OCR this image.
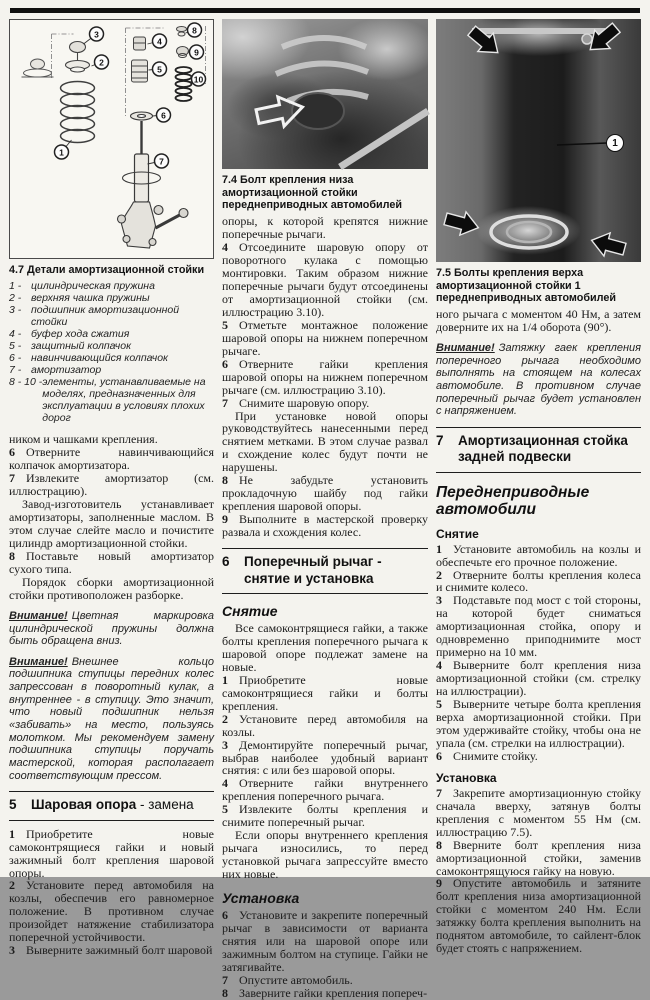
1
2
3
4
5
6
7
8
9
10
4.7 Детали амортизационной стойки
1 - цилиндрическая пружина
2 - верхняя чашка пружины
3 - подшипник амортизационной стойки
4 - буфер хода сжатия
5 - защитный колпачок
6 - навинчивающийся колпачок
7 - амортизатор
8 - 10 - элементы, устанавливаемые на моделях, предназначенных для эксплуатации в условиях плохих дорог

ником и чашками крепления.

6 Отверните навинчивающийся колпачок амортизатора.

7 Извлеките амортизатор (см. иллюстрацию).

Завод-изготовитель устанавливает амортизаторы, заполненные маслом. В этом случае слейте масло и почистите цилиндр амортизационной стойки.

8 Поставьте новый амортизатор сухого типа.

Порядок сборки амортизационной стойки противоположен разборке.

Внимание! Цветная маркировка цилиндрической пружины должна быть обращена вниз.

Внимание! Внешнее кольцо подшипника ступицы передних колес запрессован в поворотный кулак, а внутреннее - в ступицу. Это значит, что новый подшипник нельзя «забивать» на место, пользуясь молотком. Мы рекомендуем замену подшипника ступицы поручать мастерской, которая располагает соответствующим прессом.

5	Шаровая опора - замена

1 Приобретите новые самоконтрящиеся гайки и новый зажимный болт крепления шаровой опоры.

2 Установите перед автомобиля на козлы, обеспечив его равномерное положение. В противном случае произойдет натяжение стабилизатора поперечной устойчивости.

3 Выверните зажимный болт шаровой

7.4 Болт крепления низа амортизационной стойки переднеприводных автомобилей

опоры, к которой крепятся нижние поперечные рычаги.

4 Отсоедините шаровую опору от поворотного кулака с помощью монтировки. Таким образом нижние поперечные рычаги будут отсоединены от амортизационной стойки (см. иллюстрацию 3.10).

5 Отметьте монтажное положение шаровой опоры на нижнем поперечном рычаге.

6 Отверните гайки крепления шаровой опоры на нижнем поперечном рычаге (см. иллюстрацию 3.10).

7 Снимите шаровую опору.

При установке новой опоры руководствуйтесь нанесенными перед снятием метками. В этом случае развал и схождение колес будут почти не нарушены.

8 Не забудьте установить прокладочную шайбу под гайки крепления шаровой опоры.

9 Выполните в мастерской проверку развала и схождения колес.

6	Поперечный рычаг - снятие и установка
Снятие

Все самоконтрящиеся гайки, а также болты крепления поперечного рычага к шаровой опоре подлежат замене на новые.

1 Приобретите новые самоконтрящиеся гайки и болты крепления.

2 Установите перед автомобиля на козлы.

3 Демонтируйте поперечный рычаг, выбрав наиболее удобный вариант снятия: с или без шаровой опоры.

4 Отверните гайки внутреннего крепления поперечного рычага.

5 Извлеките болты крепления и снимите поперечный рычаг.

Если опоры внутреннего крепления рычага износились, то перед установкой рычага запрессуйте вместо них новые.

Установка

6 Установите и закрепите поперечный рычаг в зависимости от варианта снятия или на шаровой опоре или зажимным болтом на ступице. Гайки не затягивайте.

7 Опустите автомобиль.

8 Заверните гайки крепления попереч-

1
7.5 Болты крепления верха амортизационной стойки 1 переднеприводных автомобилей

ного рычага с моментом 40 Нм, а затем доверните их на 1/4 оборота (90°).

Внимание! Затяжку гаек крепления поперечного рычага необходимо выполнять на стоящем на колесах автомобиле. В противном случае поперечный рычаг будет установлен с напряжением.

7	Амортизационная стойка задней подвески
Переднеприводные автомобили
Снятие

1 Установите автомобиль на козлы и обеспечьте его прочное положение.

2 Отверните болты крепления колеса и снимите колесо.

3 Подставьте под мост с той стороны, на которой будет сниматься амортизационная стойка, опору и одновременно приподнимите мост примерно на 10 мм.

4 Выверните болт крепления низа амортизационной стойки (см. стрелку на иллюстрации).

5 Выверните четыре болта крепления верха амортизационной стойки. При этом удерживайте стойку, чтобы она не упала (см. стрелки на иллюстрации).

6 Снимите стойку.

Установка

7 Закрепите амортизационную стойку сначала вверху, затянув болты крепления с моментом 55 Нм (см. иллюстрацию 7.5).

8 Вверните болт крепления низа амортизационной стойки, заменив самоконтрящуюся гайку на новую.

9 Опустите автомобиль и затяните болт крепления низа амортизационной стойки с моментом 240 Нм. Если затяжку болта крепления выполнить на поднятом автомобиле, то сайлент-блок будет стоять с напряжением.
